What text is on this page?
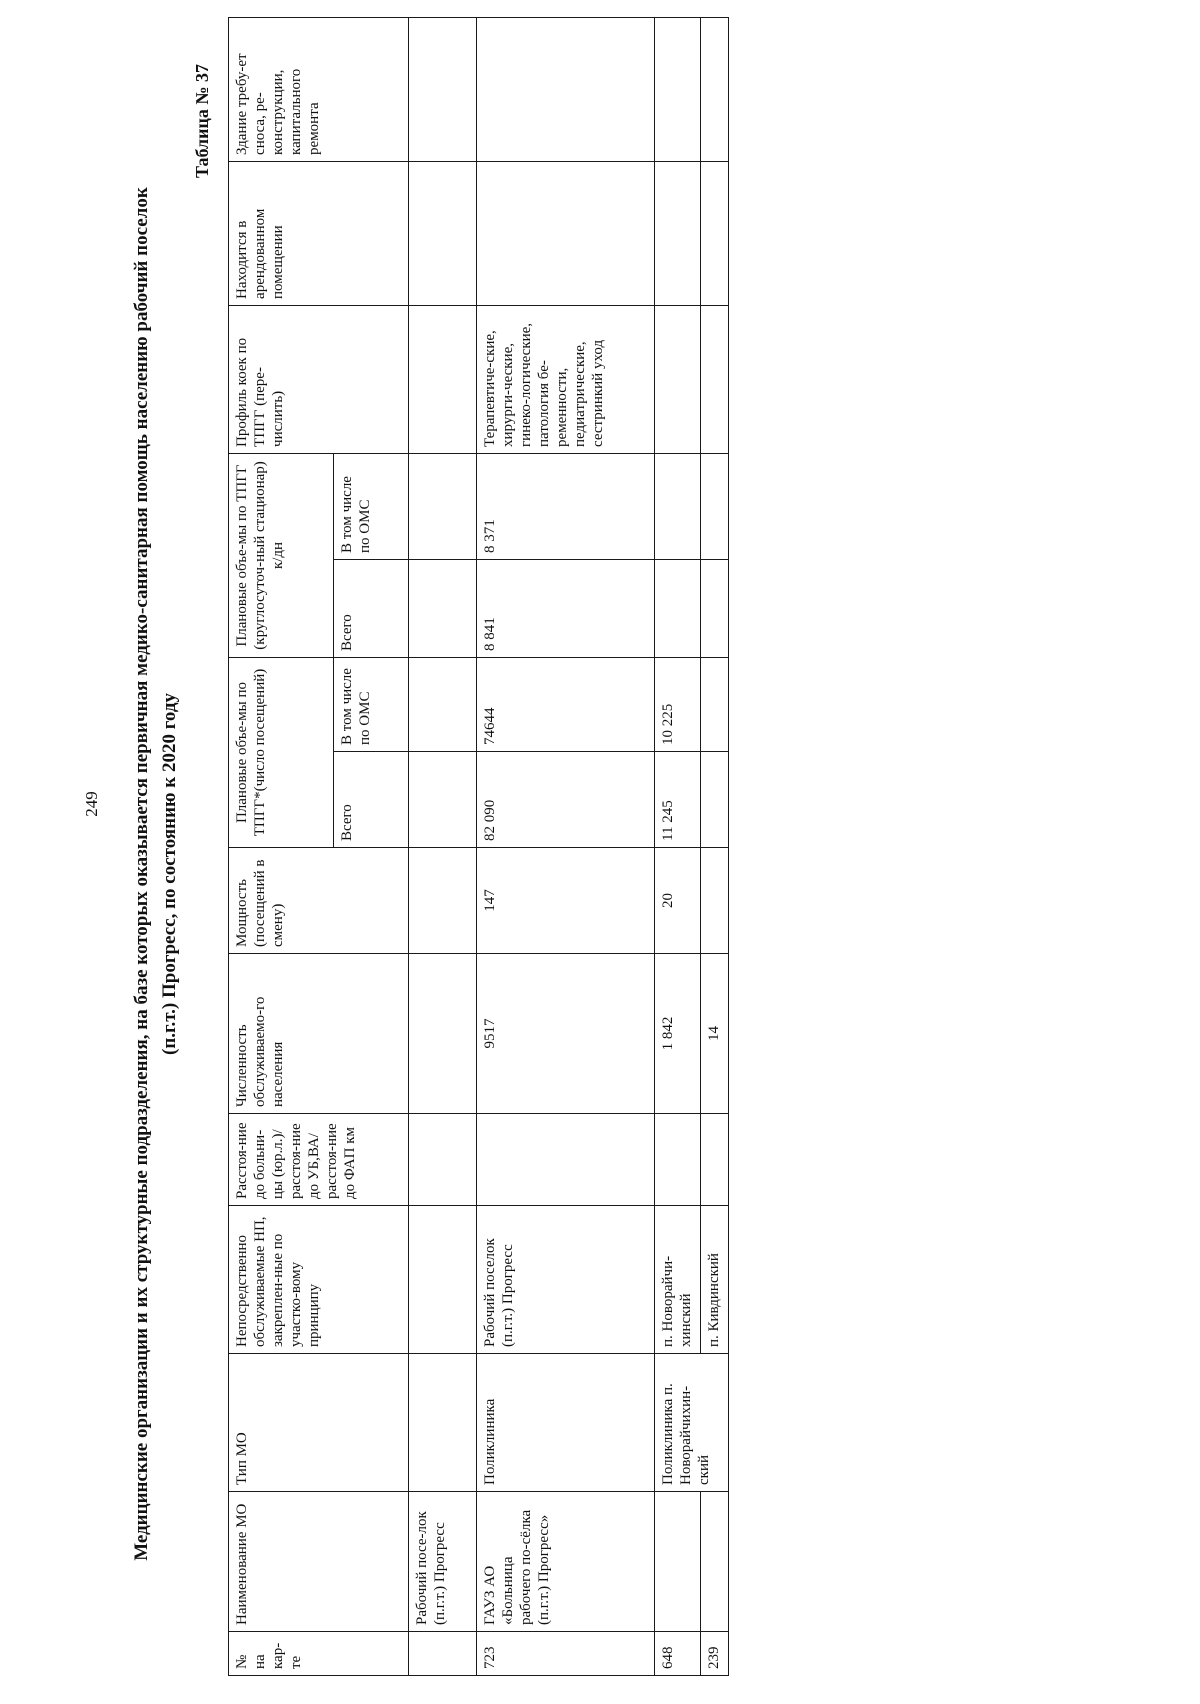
249 Медицинские организации и их структурные подразделения, на базе которых оказывается первичная медико-санитарная помощь населению рабочий поселок (п.г.т.) Прогресс, по состоянию к 2020 году
Таблица № 37
№ на кар-те	Наименование МО	Тип МО	Непосредственно обслуживаемые НП, закреплен-ные по участко-вому принципу	Расстоя-ние до больни-цы (юр.л.)/ расстоя-ние до УБ,ВА/ расстоя-ние до ФАП км	Численность обслуживаемо-го населения	Мощность (посещений в смену)	Плановые объе-мы по ТПГГ*(число посещений)		Плановые объе-мы по ТПГГ (круглосуточ-ный стационар) к/дн		Профиль коек по ТПГГ (пере-числить)	Находится в арендованном помещении	Здание требу-ет сноса, ре-конструкции, капитального ремонта
							Всего	В том числе по ОМС	Всего	В том числе по ОМС			
	Рабочий посе-лок (п.г.т.) Прогресс												
723	ГАУЗ АО «Больница рабочего по-сёлка (п.г.т.) Прогресс»	Поликлиника	Рабочий поселок (п.г.т.) Прогресс		9517	147	82 090	74644	8 841	8 371	Терапевтиче-ские, хирурги-ческие, гинеко-логические, патология бе-ременности, педиатрические, сестринкий уход		
648		Поликлиника п. Новорайчихин-ский	п. Новорайчи-хинский		1 842	20	11 245	10 225					
239			п. Кивдинский		14								
